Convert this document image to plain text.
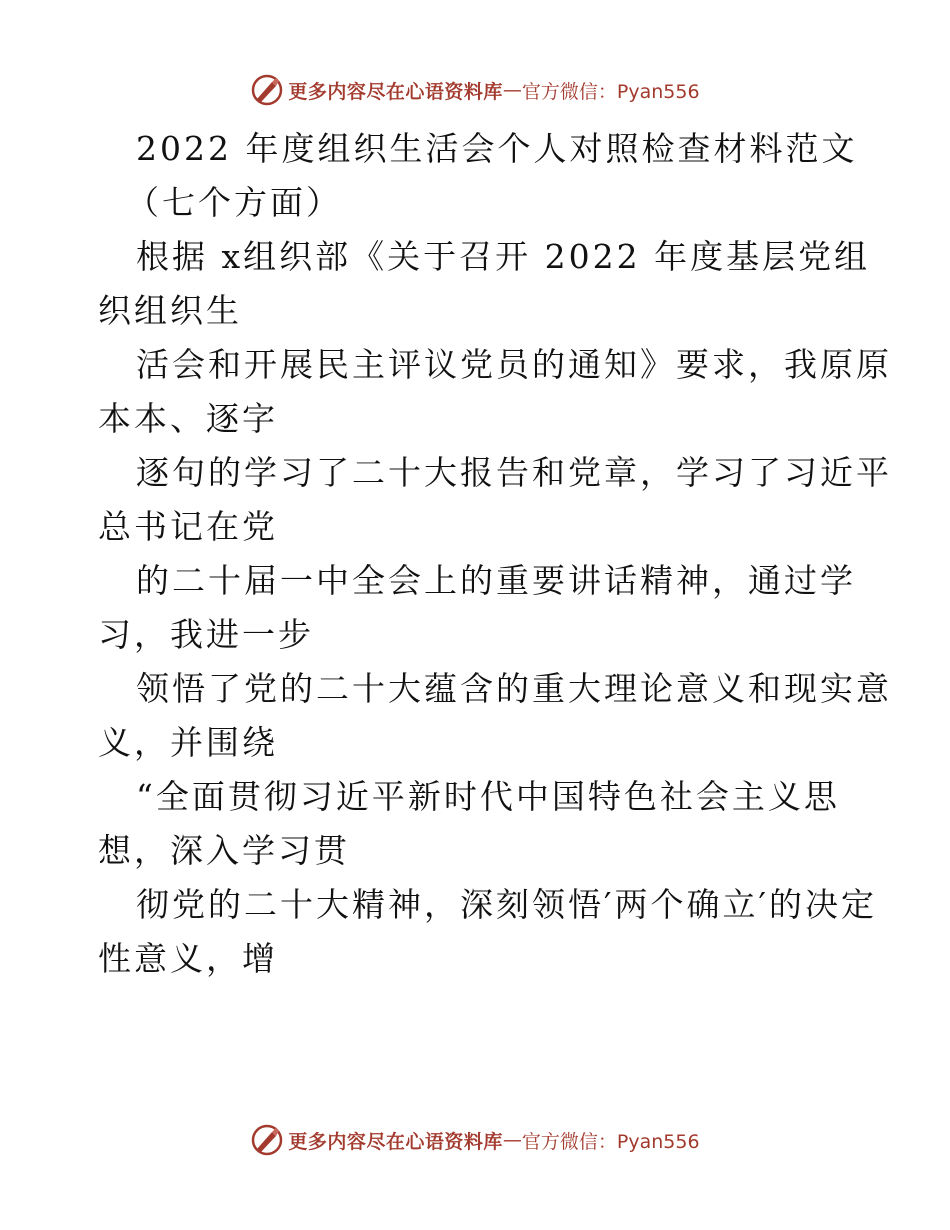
更多内容尽在心语资料库 — 官方微信：Pyan556
2022 年度组织生活会个人对照检查材料范文
（七个方面）
根据 x组织部《关于召开 2022 年度基层党组
织组织生
活会和开展民主评议党员的通知》要求，我原原
本本、逐字
逐句的学习了二十大报告和党章，学习了习近平
总书记在党
的二十届一中全会上的重要讲话精神，通过学
习，我进一步
领悟了党的二十大蕴含的重大理论意义和现实意
义，并围绕
“全面贯彻习近平新时代中国特色社会主义思
想，深入学习贯
彻党的二十大精神，深刻领悟′两个确立′的决定
性意义，增
更多内容尽在心语资料库 — 官方微信：Pyan556
